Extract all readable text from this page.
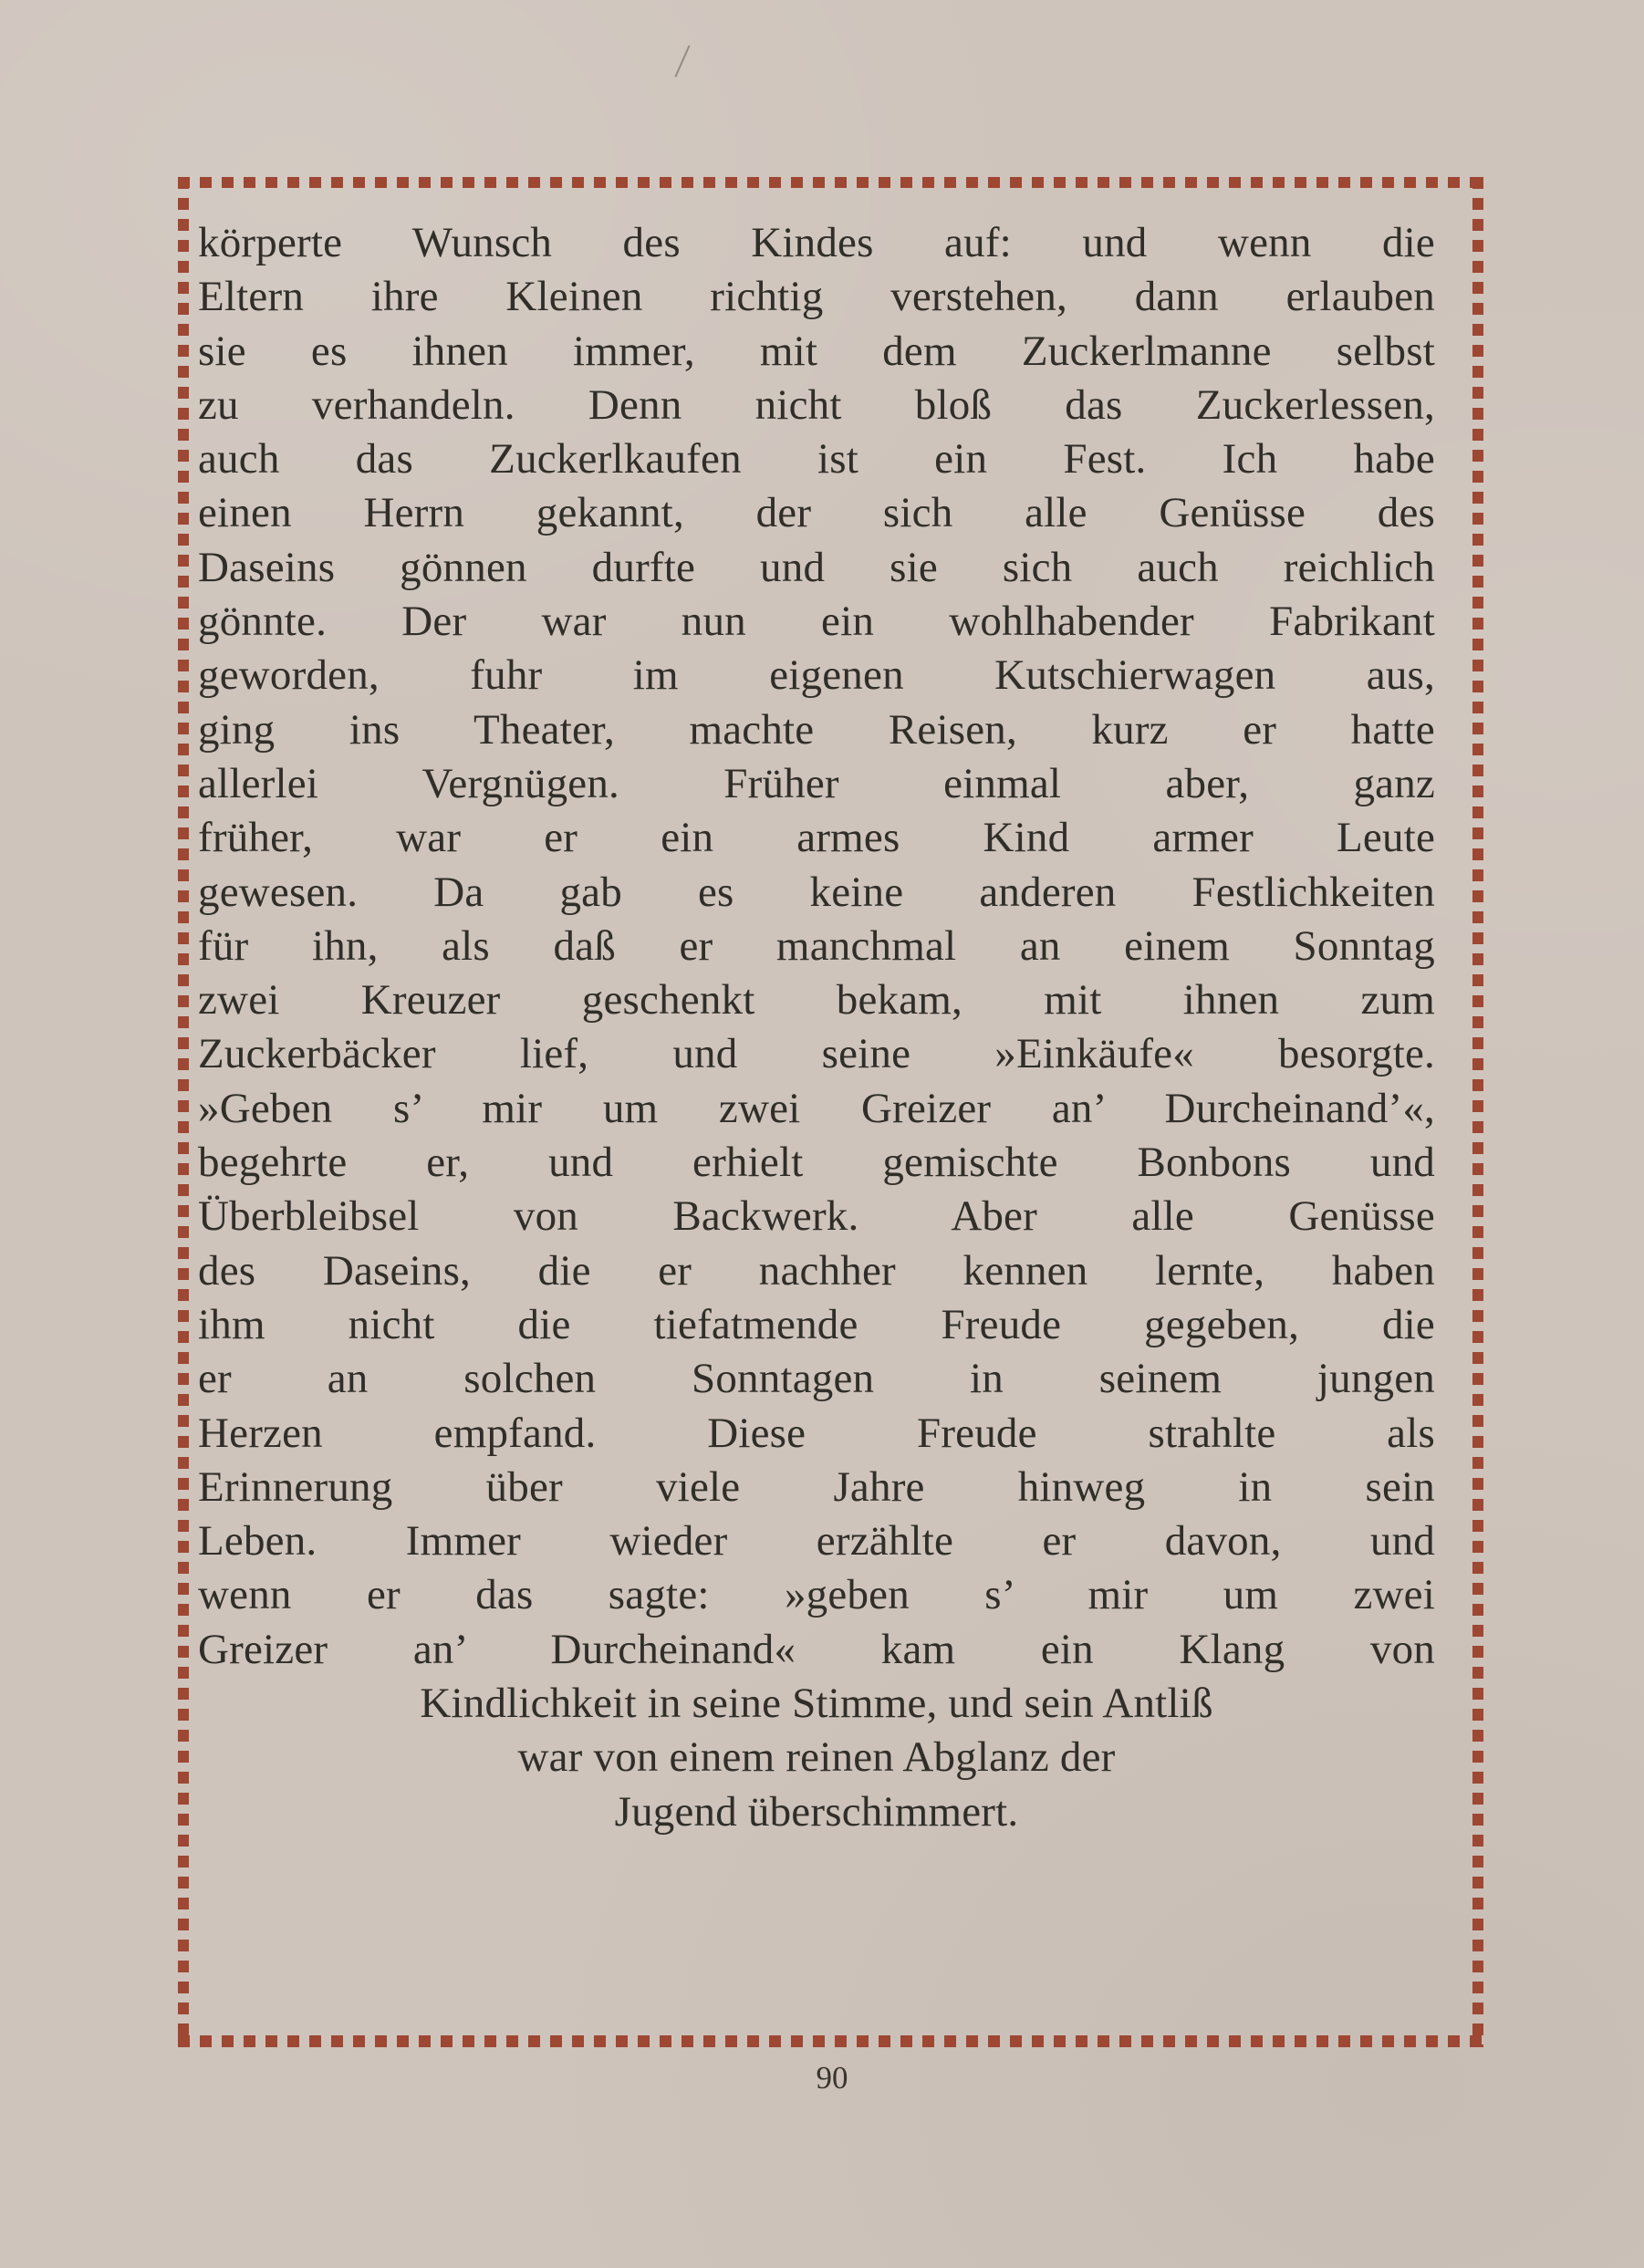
körperte Wunsch des Kindes auf: und wenn die
Eltern ihre Kleinen richtig verstehen, dann erlauben
sie es ihnen immer, mit dem Zuckerlmanne selbst
zu verhandeln. Denn nicht bloß das Zuckerlessen,
auch das Zuckerlkaufen ist ein Fest. Ich habe
einen Herrn gekannt, der sich alle Genüsse des
Daseins gönnen durfte und sie sich auch reichlich
gönnte. Der war nun ein wohlhabender Fabrikant
geworden, fuhr im eigenen Kutschierwagen aus,
ging ins Theater, machte Reisen, kurz er hatte
allerlei Vergnügen. Früher einmal aber, ganz
früher, war er ein armes Kind armer Leute
gewesen. Da gab es keine anderen Festlichkeiten
für ihn, als daß er manchmal an einem Sonntag
zwei Kreuzer geschenkt bekam, mit ihnen zum
Zuckerbäcker lief, und seine »Einkäufe« besorgte.
»Geben s’ mir um zwei Greizer an’ Durcheinand’«,
begehrte er, und erhielt gemischte Bonbons und
Überbleibsel von Backwerk. Aber alle Genüsse
des Daseins, die er nachher kennen lernte, haben
ihm nicht die tiefatmende Freude gegeben, die
er an solchen Sonntagen in seinem jungen
Herzen empfand. Diese Freude strahlte als
Erinnerung über viele Jahre hinweg in sein
Leben. Immer wieder erzählte er davon, und
wenn er das sagte: »geben s’ mir um zwei
Greizer an’ Durcheinand« kam ein Klang von
Kindlichkeit in seine Stimme, und sein Antliß
war von einem reinen Abglanz der
Jugend überschimmert.
90
